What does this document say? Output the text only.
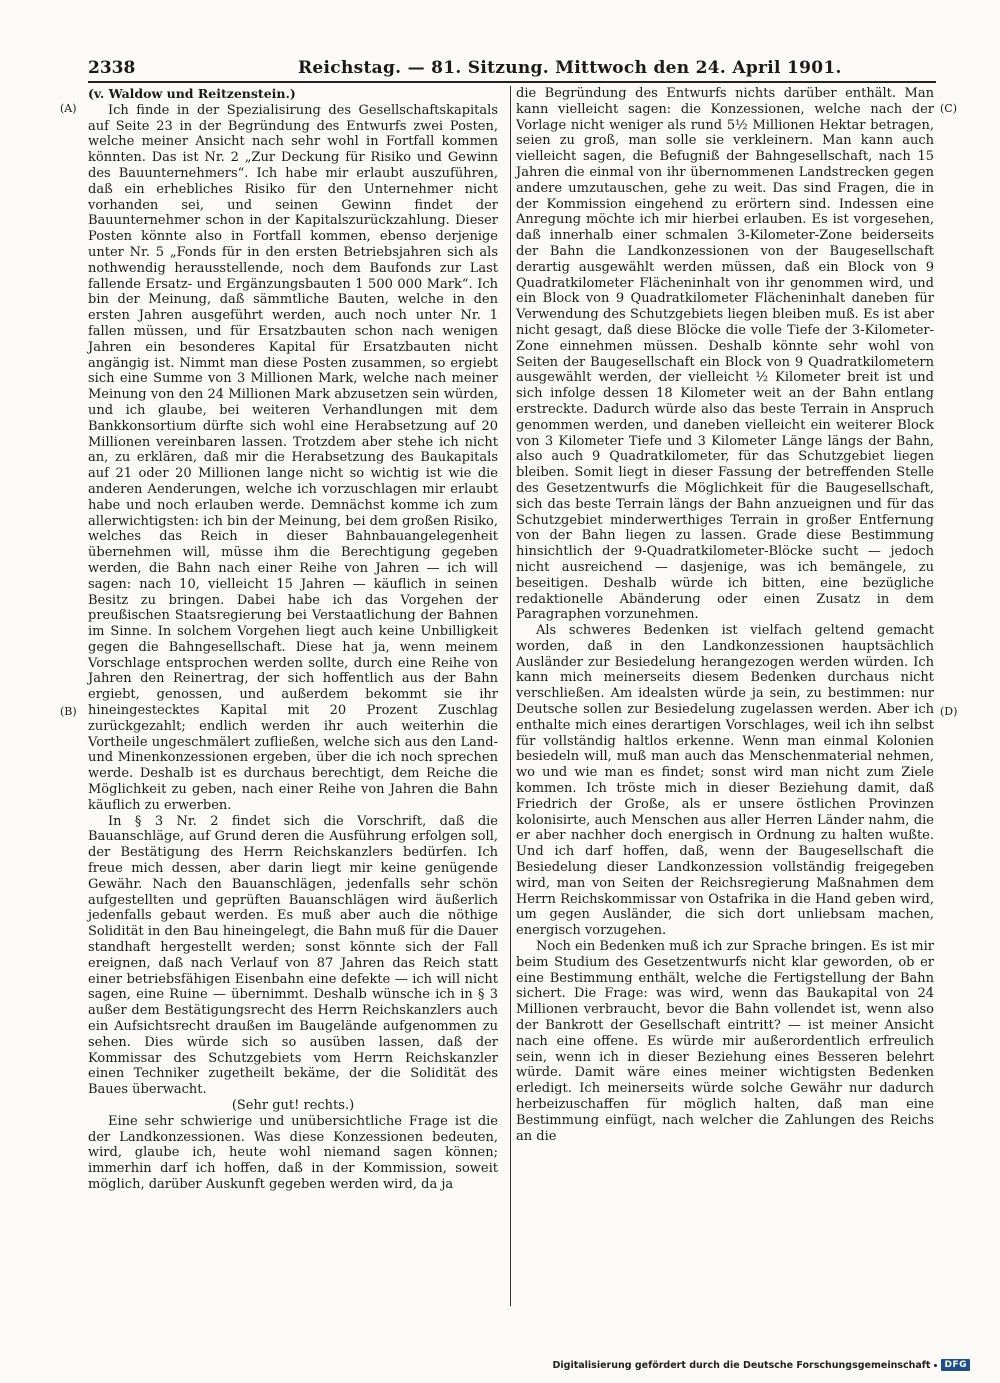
2338	Reichstag. — 81. Sitzung. Mittwoch den 24. April 1901.
(A)
(B)
(C)
(D)

(v. Waldow und Reitzenstein.)

Ich finde in der Spezialisirung des Gesellschaftskapitals auf Seite 23 in der Begründung des Entwurfs zwei Posten, welche meiner Ansicht nach sehr wohl in Fortfall kommen könnten. Das ist Nr. 2 „Zur Deckung für Risiko und Gewinn des Bauunternehmers“. Ich habe mir erlaubt auszuführen, daß ein erhebliches Risiko für den Unternehmer nicht vorhanden sei, und seinen Gewinn findet der Bauunternehmer schon in der Kapitalszurückzahlung. Dieser Posten könnte also in Fortfall kommen, ebenso derjenige unter Nr. 5 „Fonds für in den ersten Betriebsjahren sich als nothwendig herausstellende, noch dem Baufonds zur Last fallende Ersatz- und Ergänzungsbauten 1 500 000 Mark“. Ich bin der Meinung, daß sämmtliche Bauten, welche in den ersten Jahren ausgeführt werden, auch noch unter Nr. 1 fallen müssen, und für Ersatzbauten schon nach wenigen Jahren ein besonderes Kapital für Ersatzbauten nicht angängig ist. Nimmt man diese Posten zusammen, so ergiebt sich eine Summe von 3 Millionen Mark, welche nach meiner Meinung von den 24 Millionen Mark abzusetzen sein würden, und ich glaube, bei weiteren Verhandlungen mit dem Bankkonsortium dürfte sich wohl eine Herabsetzung auf 20 Millionen vereinbaren lassen. Trotzdem aber stehe ich nicht an, zu erklären, daß mir die Herabsetzung des Baukapitals auf 21 oder 20 Millionen lange nicht so wichtig ist wie die anderen Aenderungen, welche ich vorzuschlagen mir erlaubt habe und noch erlauben werde. Demnächst komme ich zum allerwichtigsten: ich bin der Meinung, bei dem großen Risiko, welches das Reich in dieser Bahnbauangelegenheit übernehmen will, müsse ihm die Berechtigung gegeben werden, die Bahn nach einer Reihe von Jahren — ich will sagen: nach 10, vielleicht 15 Jahren — käuflich in seinen Besitz zu bringen. Dabei habe ich das Vorgehen der preußischen Staatsregierung bei Verstaatlichung der Bahnen im Sinne. In solchem Vorgehen liegt auch keine Unbilligkeit gegen die Bahngesellschaft. Diese hat ja, wenn meinem Vorschlage entsprochen werden sollte, durch eine Reihe von Jahren den Reinertrag, der sich hoffentlich aus der Bahn ergiebt, genossen, und außerdem bekommt sie ihr hineingestecktes Kapital mit 20 Prozent Zuschlag zurückgezahlt; endlich werden ihr auch weiterhin die Vortheile ungeschmälert zufließen, welche sich aus den Land- und Minenkonzessionen ergeben, über die ich noch sprechen werde. Deshalb ist es durchaus berechtigt, dem Reiche die Möglichkeit zu geben, nach einer Reihe von Jahren die Bahn käuflich zu erwerben.

In § 3 Nr. 2 findet sich die Vorschrift, daß die Bauanschläge, auf Grund deren die Ausführung erfolgen soll, der Bestätigung des Herrn Reichskanzlers bedürfen. Ich freue mich dessen, aber darin liegt mir keine genügende Gewähr. Nach den Bauanschlägen, jedenfalls sehr schön aufgestellten und geprüften Bauanschlägen wird äußerlich jedenfalls gebaut werden. Es muß aber auch die nöthige Solidität in den Bau hineingelegt, die Bahn muß für die Dauer standhaft hergestellt werden; sonst könnte sich der Fall ereignen, daß nach Verlauf von 87 Jahren das Reich statt einer betriebsfähigen Eisenbahn eine defekte — ich will nicht sagen, eine Ruine — übernimmt. Deshalb wünsche ich in § 3 außer dem Bestätigungsrecht des Herrn Reichskanzlers auch ein Aufsichtsrecht draußen im Baugelände aufgenommen zu sehen. Dies würde sich so ausüben lassen, daß der Kommissar des Schutzgebiets vom Herrn Reichskanzler einen Techniker zugetheilt bekäme, der die Solidität des Baues überwacht.

(Sehr gut! rechts.)

Eine sehr schwierige und unübersichtliche Frage ist die der Landkonzessionen. Was diese Konzessionen bedeuten, wird, glaube ich, heute wohl niemand sagen können; immerhin darf ich hoffen, daß in der Kommission, soweit möglich, darüber Auskunft gegeben werden wird, da ja

die Begründung des Entwurfs nichts darüber enthält. Man kann vielleicht sagen: die Konzessionen, welche nach der Vorlage nicht weniger als rund 5½ Millionen Hektar betragen, seien zu groß, man solle sie verkleinern. Man kann auch vielleicht sagen, die Befugniß der Bahngesellschaft, nach 15 Jahren die einmal von ihr übernommenen Landstrecken gegen andere umzutauschen, gehe zu weit. Das sind Fragen, die in der Kommission eingehend zu erörtern sind. Indessen eine Anregung möchte ich mir hierbei erlauben. Es ist vorgesehen, daß innerhalb einer schmalen 3-Kilometer-Zone beiderseits der Bahn die Landkonzessionen von der Baugesellschaft derartig ausgewählt werden müssen, daß ein Block von 9 Quadratkilometer Flächeninhalt von ihr genommen wird, und ein Block von 9 Quadratkilometer Flächeninhalt daneben für Verwendung des Schutzgebiets liegen bleiben muß. Es ist aber nicht gesagt, daß diese Blöcke die volle Tiefe der 3-Kilometer-Zone einnehmen müssen. Deshalb könnte sehr wohl von Seiten der Baugesellschaft ein Block von 9 Quadratkilometern ausgewählt werden, der vielleicht ½ Kilometer breit ist und sich infolge dessen 18 Kilometer weit an der Bahn entlang erstreckte. Dadurch würde also das beste Terrain in Anspruch genommen werden, und daneben vielleicht ein weiterer Block von 3 Kilometer Tiefe und 3 Kilometer Länge längs der Bahn, also auch 9 Quadratkilometer, für das Schutzgebiet liegen bleiben. Somit liegt in dieser Fassung der betreffenden Stelle des Gesetzentwurfs die Möglichkeit für die Baugesellschaft, sich das beste Terrain längs der Bahn anzueignen und für das Schutzgebiet minderwerthiges Terrain in großer Entfernung von der Bahn liegen zu lassen. Grade diese Bestimmung hinsichtlich der 9-Quadratkilometer-Blöcke sucht — jedoch nicht ausreichend — dasjenige, was ich bemängele, zu beseitigen. Deshalb würde ich bitten, eine bezügliche redaktionelle Abänderung oder einen Zusatz in dem Paragraphen vorzunehmen.

Als schweres Bedenken ist vielfach geltend gemacht worden, daß in den Landkonzessionen hauptsächlich Ausländer zur Besiedelung herangezogen werden würden. Ich kann mich meinerseits diesem Bedenken durchaus nicht verschließen. Am idealsten würde ja sein, zu bestimmen: nur Deutsche sollen zur Besiedelung zugelassen werden. Aber ich enthalte mich eines derartigen Vorschlages, weil ich ihn selbst für vollständig haltlos erkenne. Wenn man einmal Kolonien besiedeln will, muß man auch das Menschenmaterial nehmen, wo und wie man es findet; sonst wird man nicht zum Ziele kommen. Ich tröste mich in dieser Beziehung damit, daß Friedrich der Große, als er unsere östlichen Provinzen kolonisirte, auch Menschen aus aller Herren Länder nahm, die er aber nachher doch energisch in Ordnung zu halten wußte. Und ich darf hoffen, daß, wenn der Baugesellschaft die Besiedelung dieser Landkonzession vollständig freigegeben wird, man von Seiten der Reichsregierung Maßnahmen dem Herrn Reichskommissar von Ostafrika in die Hand geben wird, um gegen Ausländer, die sich dort unliebsam machen, energisch vorzugehen.

Noch ein Bedenken muß ich zur Sprache bringen. Es ist mir beim Studium des Gesetzentwurfs nicht klar geworden, ob er eine Bestimmung enthält, welche die Fertigstellung der Bahn sichert. Die Frage: was wird, wenn das Baukapital von 24 Millionen verbraucht, bevor die Bahn vollendet ist, wenn also der Bankrott der Gesellschaft eintritt? — ist meiner Ansicht nach eine offene. Es würde mir außerordentlich erfreulich sein, wenn ich in dieser Beziehung eines Besseren belehrt würde. Damit wäre eines meiner wichtigsten Bedenken erledigt. Ich meinerseits würde solche Gewähr nur dadurch herbeizuschaffen für möglich halten, daß man eine Bestimmung einfügt, nach welcher die Zahlungen des Reichs an die

Digitalisierung gefördert durch die Deutsche Forschungsgemeinschaft	DFG
